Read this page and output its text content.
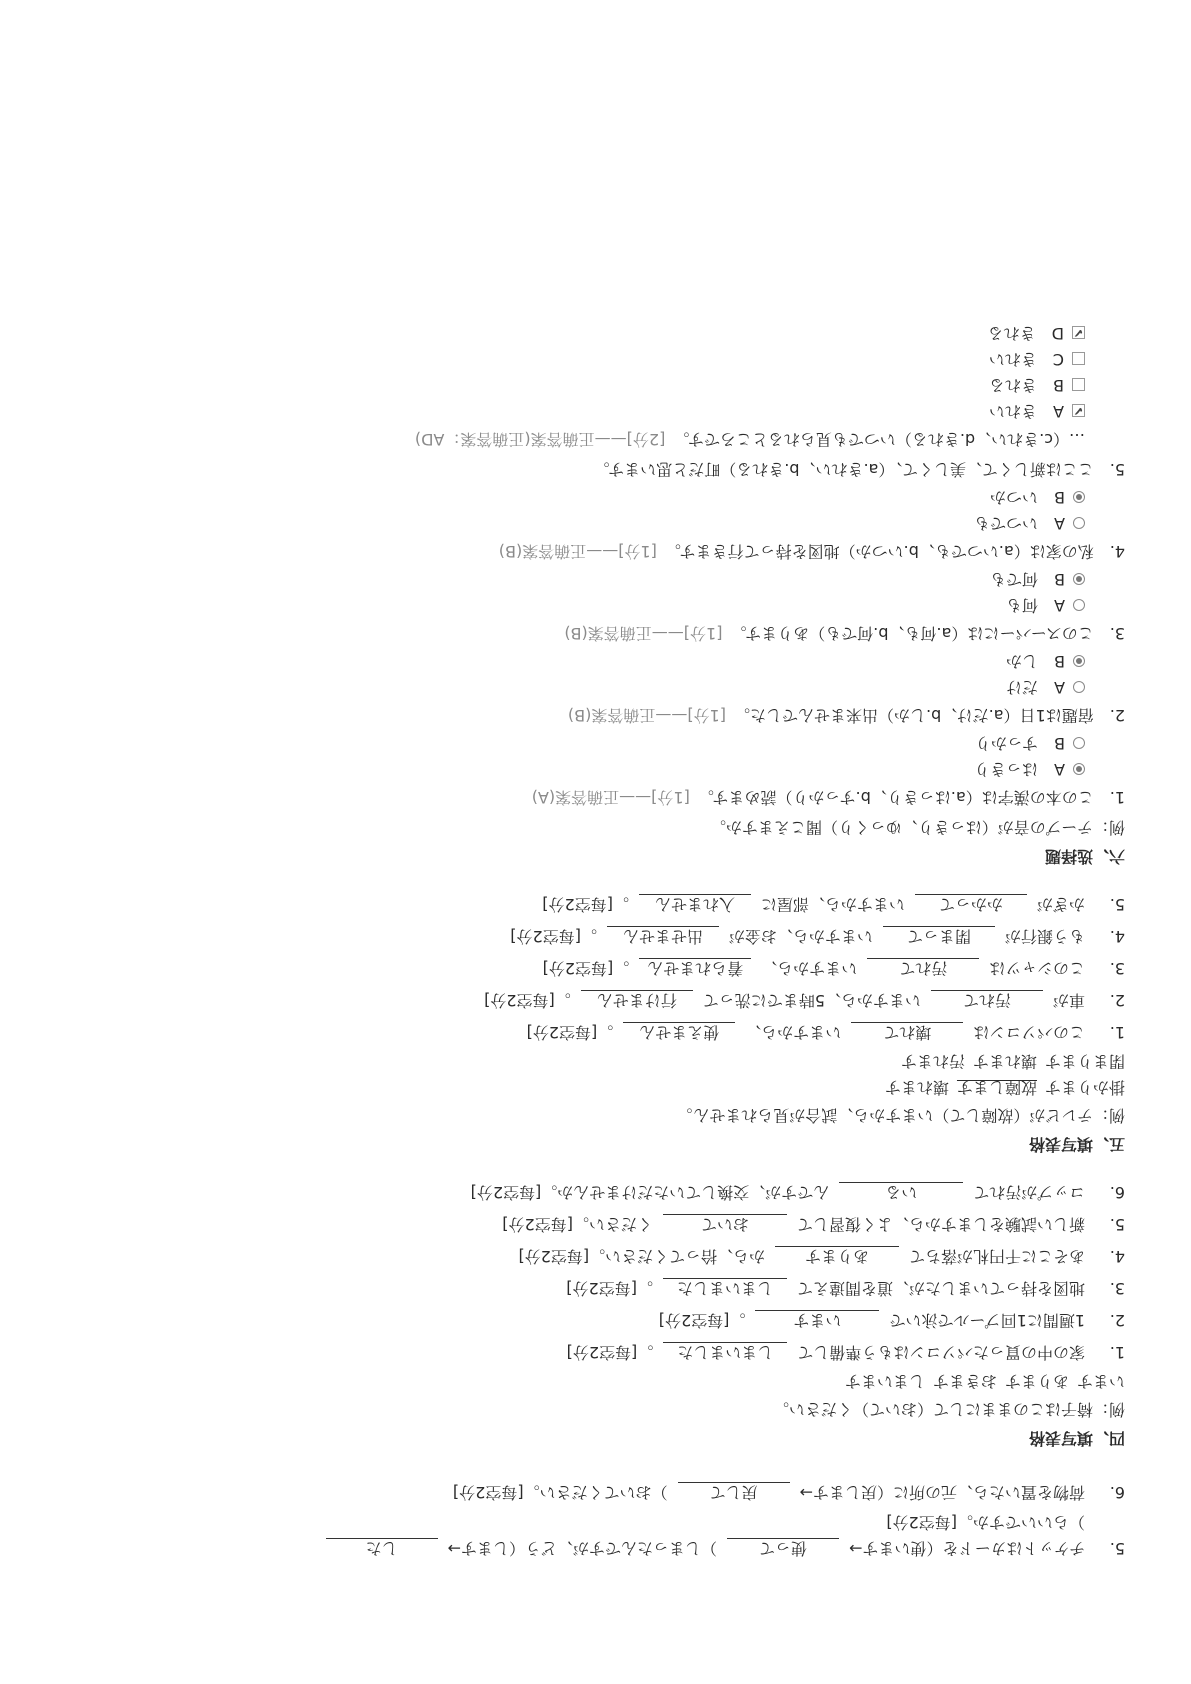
5.
チケットはカードを（使います→
使って
）しまったんですが、どう（します→
した
）らいいですか。[每空2分]
6.
荷物を置いたら、元の所に（戻します→
戻して
）おいてください。[每空2分]
四、填写表格
例：椅子はこのままにして（おいて）ください。
います
あります
おきます
しまいます
1.
家の中の買ったパソコンはもう準備して
しまいました
。[每空2分]
2.
1週間に1回プールで泳いで
います
。[每空2分]
3.
地図を持っていましたが、道を間違えて
しまいました
。[每空2分]
4.
あそこに千円札が落ちて
あります
から、拾ってください。[每空2分]
5.
新しい試験をしますから、よく復習して
おいて
ください。[每空2分]
6.
コップが汚れて
いる
んですが、交換していただけませんか。[每空2分]
五、填写表格
例：テレビが（故障して）いますから、試合が見られません。
掛かります
故障します
壊れます
閉まります
壊れます
汚れます
1.
このパソコンは
壊れて
いますから、
使えません
。[每空2分]
2.
車が
汚れて
いますから、5時までに洗って
行けません
。[每空2分]
3.
このシャツは
汚れて
いますから、
着られません
。[每空2分]
4.
もう銀行が
閉まって
いますから、お金が
出せません
。[每空2分]
5.
かぎが
かかって
いますから、部屋に
入れません
。[每空2分]
六、选择题
例：テープの音が（はっきり、ゆっくり）聞こえますか。
1.　この本の漢字は（a.はっきり、b.すっかり）読めます。
[1分]
——正确答案(A)
A　はっきり
B　すっかり
2.　宿題は1日（a.だけ、b.しか）出来ませんでした。
[1分]
——正确答案(B)
A　だけ
B　しか
3.　このスーパーには（a.何も、b.何でも）あります。
[1分]
——正确答案(B)
A　何も
B　何でも
4.　私の家は（a.いつでも、b.いつか）地図を持って行きます。
[1分]
——正确答案(B)
A　いつでも
B　いつか
5.　ここは新しくて、美しくて、（a.きれい、b.きれる）町だと思います。
…（c.きれい、d.きれる）いつでも見られるところです。
[2分]
——正确答案(正确答案：AD)
✔
A　きれい
B　きれる
C　きれい
✔
D　きれる
